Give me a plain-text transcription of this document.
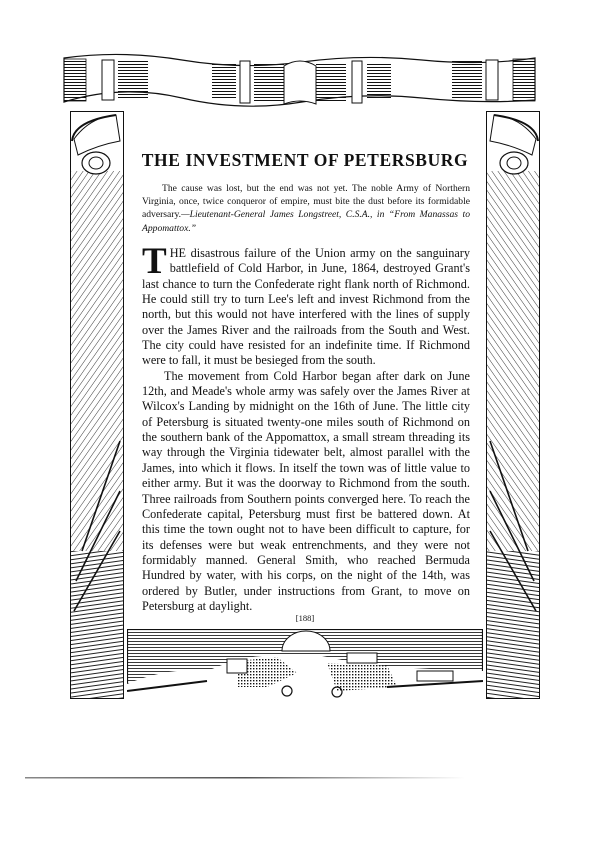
THE INVESTMENT OF PETERSBURG
The cause was lost, but the end was not yet. The noble Army of Northern Virginia, once, twice conqueror of empire, must bite the dust before its formidable adversary.—Lieutenant-General James Longstreet, C.S.A., in “From Manassas to Appomattox.”

THE disastrous failure of the Union army on the sanguinary battlefield of Cold Harbor, in June, 1864, destroyed Grant's last chance to turn the Confederate right flank north of Richmond. He could still try to turn Lee's left and invest Richmond from the north, but this would not have interfered with the lines of supply over the James River and the railroads from the South and West. The city could have resisted for an indefinite time. If Richmond were to fall, it must be besieged from the south.

The movement from Cold Harbor began after dark on June 12th, and Meade's whole army was safely over the James River at Wilcox's Landing by midnight on the 16th of June. The little city of Petersburg is situated twenty-one miles south of Richmond on the southern bank of the Appomattox, a small stream threading its way through the Virginia tidewater belt, almost parallel with the James, into which it flows. In itself the town was of little value to either army. But it was the doorway to Richmond from the south. Three railroads from Southern points converged here. To reach the Confederate capital, Petersburg must first be battered down. At this time the town ought not to have been difficult to capture, for its defenses were but weak entrenchments, and they were not formidably manned. General Smith, who reached Bermuda Hundred by water, with his corps, on the night of the 14th, was ordered by Butler, under instructions from Grant, to move on Petersburg at daylight.

[188]
